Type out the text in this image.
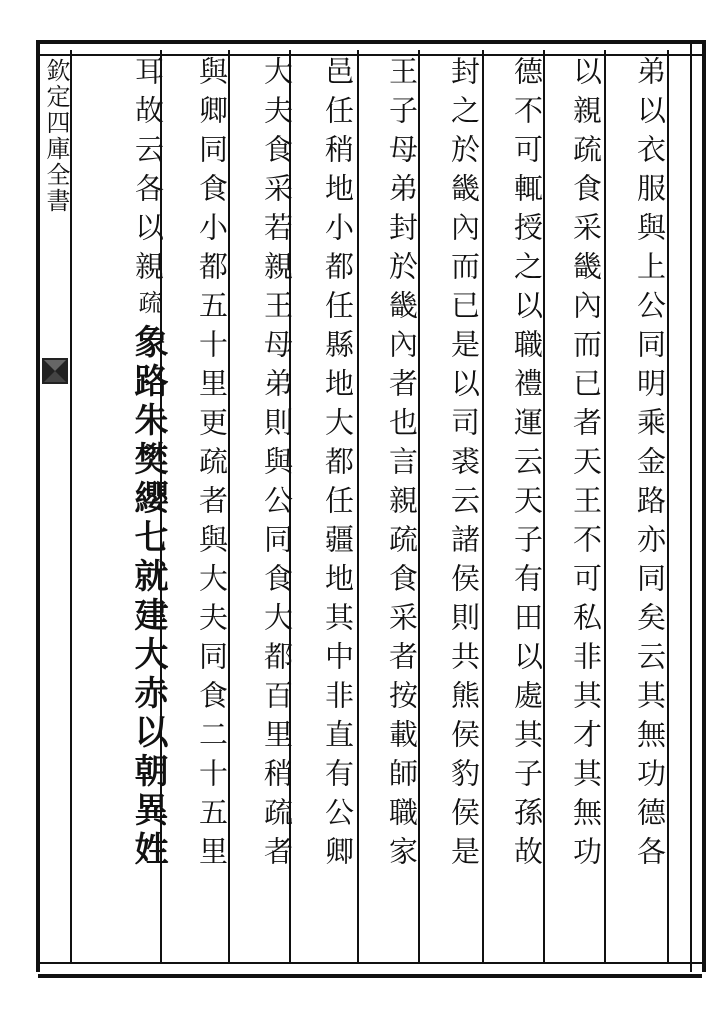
欽定四庫全書	弟以衣服與上公同明乘金路亦同矣云其無功德各
以親疏食采畿內而已者天王不可私非其才其無功
德不可輒授之以職禮運云天子有田以處其子孫故
封之於畿內而已是以司裘云諸侯則共熊侯豹侯是
王子母弟封於畿內者也言親疏食采者按載師職家
邑任稍地小都任縣地大都任疆地其中非直有公卿
大夫食采若親王母弟則與公同食大都百里稍疏者
與卿同食小都五十里更疏者與大夫同食二十五里
耳故云各以親
疏
象路朱樊纓七就建大赤以朝異姓
